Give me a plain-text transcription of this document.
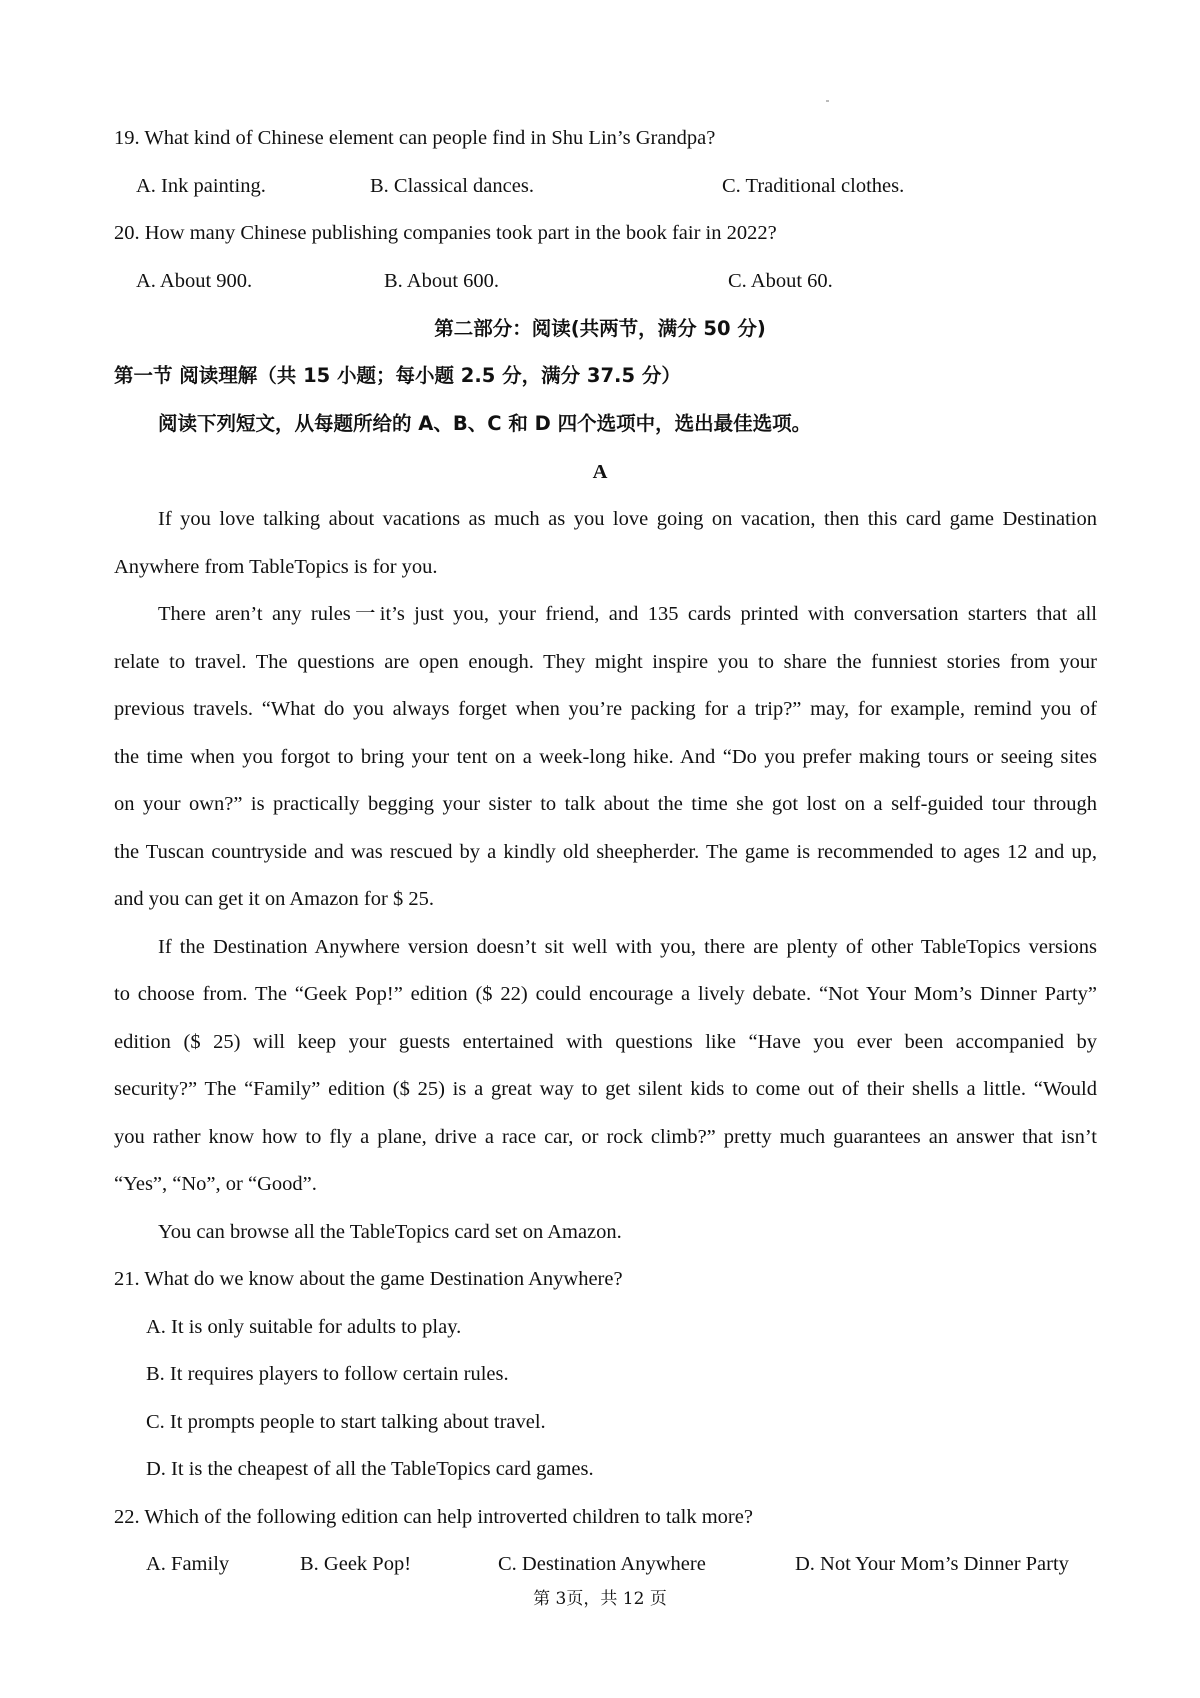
19. What kind of Chinese element can people find in Shu Lin’s Grandpa?
A. Ink painting.	B. Classical dances.	C. Traditional clothes.
20. How many Chinese publishing companies took part in the book fair in 2022?
A. About 900.	B. About 600.	C. About 60.
第二部分：阅读(共两节，满分 50 分)
第一节 阅读理解（共 15 小题；每小题 2.5 分，满分 37.5 分）
阅读下列短文，从每题所给的 A、B、C 和 D 四个选项中，选出最佳选项。
A
If you love talking about vacations as much as you love going on vacation, then this card game Destination
Anywhere from TableTopics is for you.
There aren’t any rules一it’s just you, your friend, and 135 cards printed with conversation starters that all
relate to travel. The questions are open enough. They might inspire you to share the funniest stories from your
previous travels. “What do you always forget when you’re packing for a trip?” may, for example, remind you of
the time when you forgot to bring your tent on a week-long hike. And “Do you prefer making tours or seeing sites
on your own?” is practically begging your sister to talk about the time she got lost on a self-guided tour through
the Tuscan countryside and was rescued by a kindly old sheepherder. The game is recommended to ages 12 and up,
and you can get it on Amazon for $ 25.
If the Destination Anywhere version doesn’t sit well with you, there are plenty of other TableTopics versions
to choose from. The “Geek Pop!” edition ($ 22) could encourage a lively debate. “Not Your Mom’s Dinner Party”
edition ($ 25) will keep your guests entertained with questions like “Have you ever been accompanied by
security?” The “Family” edition ($ 25) is a great way to get silent kids to come out of their shells a little. “Would
you rather know how to fly a plane, drive a race car, or rock climb?” pretty much guarantees an answer that isn’t
“Yes”, “No”, or “Good”.
You can browse all the TableTopics card set on Amazon.
21. What do we know about the game Destination Anywhere?
A. It is only suitable for adults to play.
B. It requires players to follow certain rules.
C. It prompts people to start talking about travel.
D. It is the cheapest of all the TableTopics card games.
22. Which of the following edition can help introverted children to talk more?
A. Family	B. Geek Pop!	C. Destination Anywhere	D. Not Your Mom’s Dinner Party
第 3页，共 12 页
